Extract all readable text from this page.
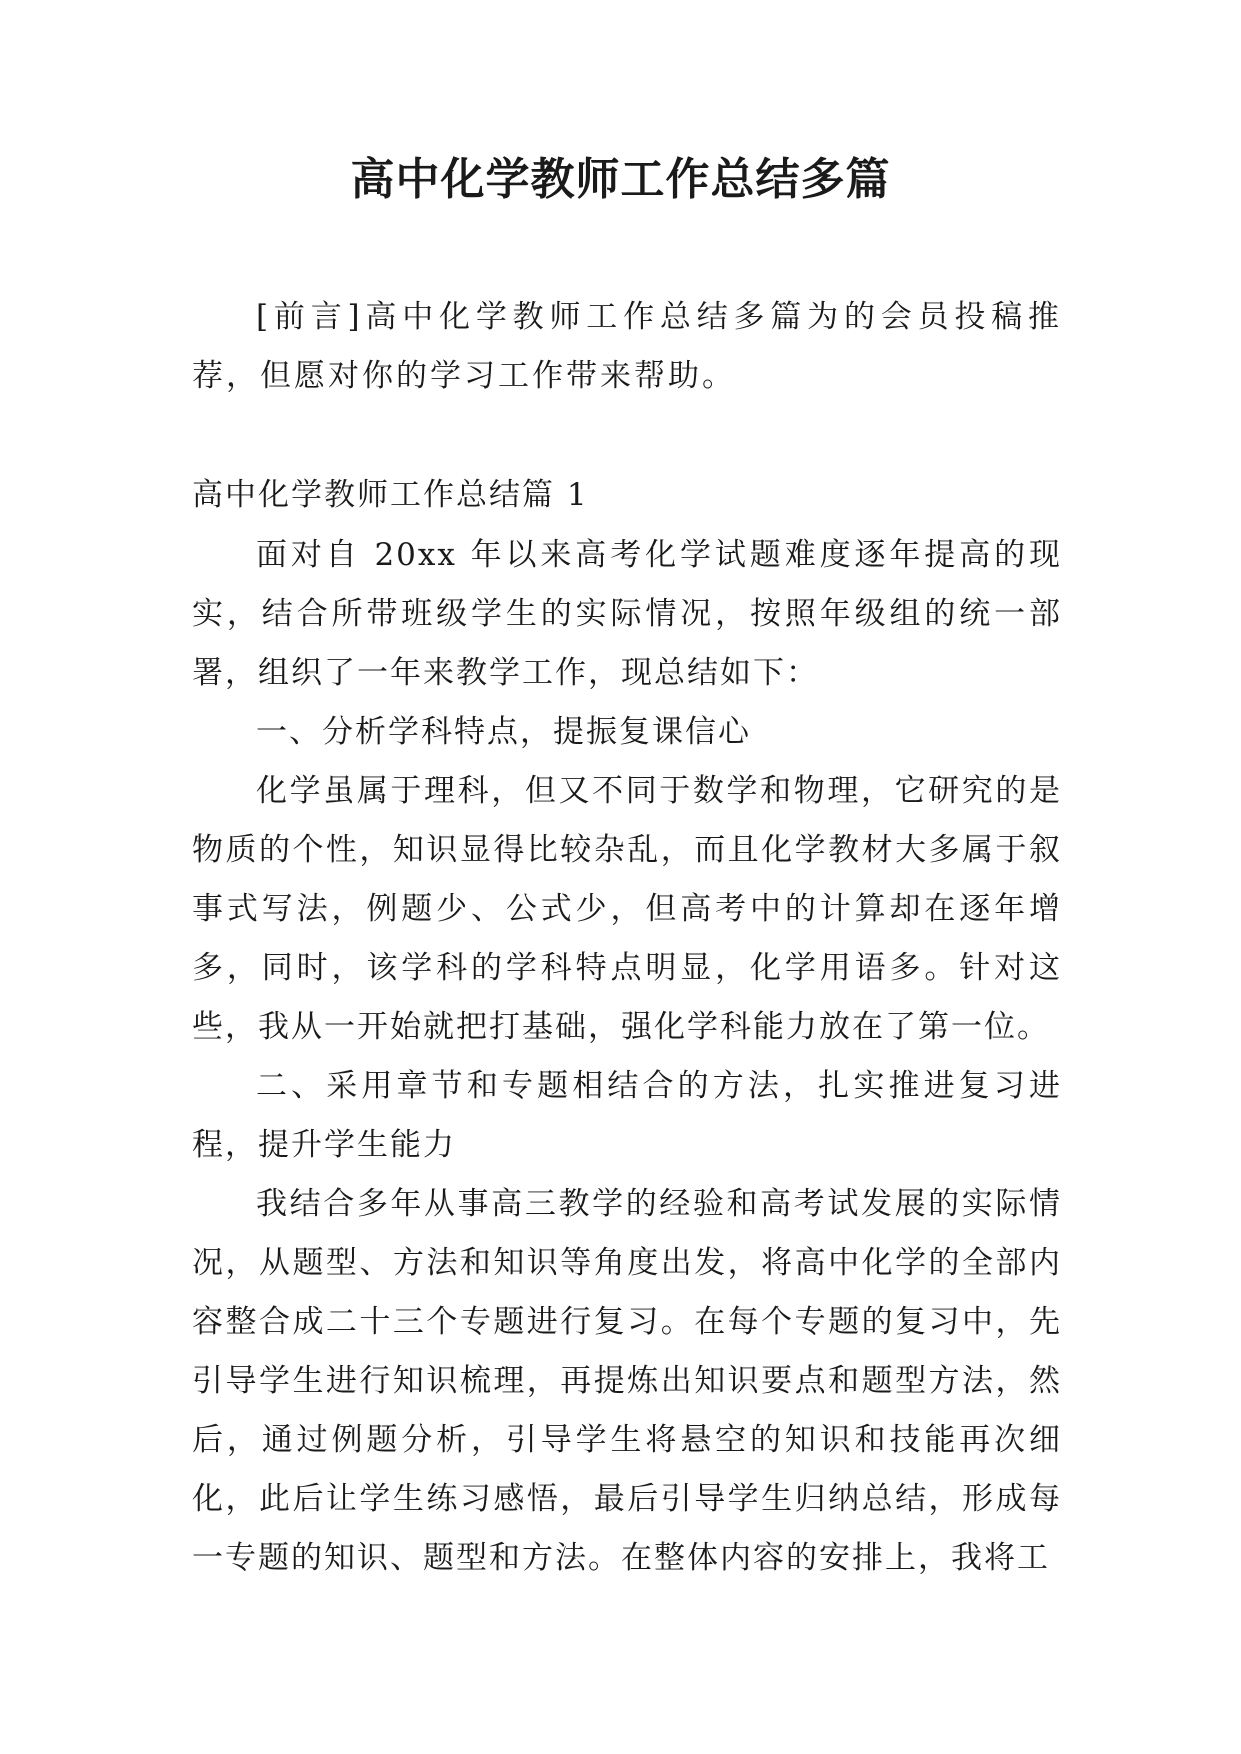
高中化学教师工作总结多篇

[前言]高中化学教师工作总结多篇为的会员投稿推荐，但愿对你的学习工作带来帮助。

高中化学教师工作总结篇 1

面对自 20xx 年以来高考化学试题难度逐年提高的现实，结合所带班级学生的实际情况，按照年级组的统一部署，组织了一年来教学工作，现总结如下：

一、分析学科特点，提振复课信心

化学虽属于理科，但又不同于数学和物理，它研究的是物质的个性，知识显得比较杂乱，而且化学教材大多属于叙事式写法，例题少、公式少，但高考中的计算却在逐年增多，同时，该学科的学科特点明显，化学用语多。针对这些，我从一开始就把打基础，强化学科能力放在了第一位。

二、采用章节和专题相结合的方法，扎实推进复习进程，提升学生能力

我结合多年从事高三教学的经验和高考试发展的实际情况，从题型、方法和知识等角度出发，将高中化学的全部内容整合成二十三个专题进行复习。在每个专题的复习中，先引导学生进行知识梳理，再提炼出知识要点和题型方法，然后，通过例题分析，引导学生将悬空的知识和技能再次细化，此后让学生练习感悟，最后引导学生归纳总结，形成每一专题的知识、题型和方法。在整体内容的安排上，我将工
